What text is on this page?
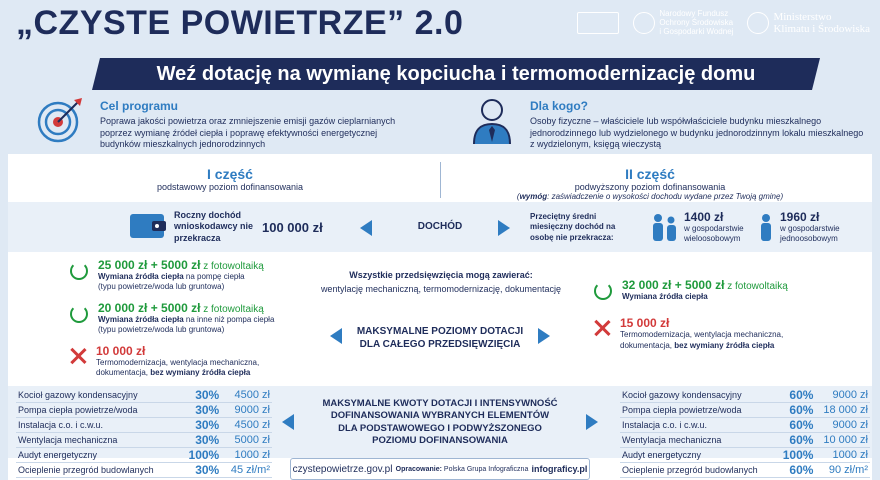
„CZYSTE POWIETRZE” 2.0	Narodowy Fundusz
Ochrony Środowiska
i Gospodarki Wodnej
Ministerstwo
Klimatu i Środowiska
Weź dotację na wymianę kopciucha i termomodernizację domu
Cel programu
Poprawa jakości powietrza oraz zmniejszenie emisji gazów cieplarnianych poprzez wymianę źródeł ciepła i poprawę efektywności energetycznej budynków mieszkalnych jednorodzinnych
Dla kogo?
Osoby fizyczne – właściciele lub współwłaściciele budynku mieszkalnego jednorodzinnego lub wydzielonego w budynku jednorodzinnym lokalu mieszkalnego z wydzielonym, księgą wieczystą
I część
podstawowy poziom dofinansowania
II część
podwyższony poziom dofinansowania
(wymóg: zaświadczenie o wysokości dochodu wydane przez Twoją gminę)
Roczny dochód wnioskodawcy nie przekracza
100 000 zł	DOCHÓD
Przeciętny średni miesięczny dochód na osobę nie przekracza:
1400 zł
w gospodarstwie wieloosobowym
1960 zł
w gospodarstwie jednoosobowym
25 000 zł + 5000 zł z fotowoltaiką
Wymiana źródła ciepła na pompę ciepła
(typu powietrze/woda lub gruntowa)
20 000 zł + 5000 zł z fotowoltaiką
Wymiana źródła ciepła na inne niż pompa ciepła
(typu powietrze/woda lub gruntowa)
10 000 zł
Termomodernizacja, wentylacja mechaniczna,
dokumentacja, bez wymiany źródła ciepła
Wszystkie przedsięwzięcia mogą zawierać:
wentylację mechaniczną, termomodernizację, dokumentację
MAKSYMALNE POZIOMY DOTACJI
DLA CAŁEGO PRZEDSIĘWZIĘCIA
32 000 zł + 5000 zł z fotowoltaiką
Wymiana źródła ciepła
15 000 zł
Termomodernizacja, wentylacja mechaniczna,
dokumentacja, bez wymiany źródła ciepła
Kocioł gazowy kondensacyjny	30%	4500 zł
Pompa ciepła powietrze/woda	30%	9000 zł
Instalacja c.o. i c.w.u.	30%	4500 zł
Wentylacja mechaniczna	30%	5000 zł
Audyt energetyczny	100%	1000 zł
Ocieplenie przegród budowlanych	30%	45 zł/m²
MAKSYMALNE KWOTY DOTACJI I INTENSYWNOŚĆ
DOFINANSOWANIA WYBRANYCH ELEMENTÓW
DLA PODSTAWOWEGO I PODWYŻSZONEGO
POZIOMU DOFINANSOWANIA
Kocioł gazowy kondensacyjny	60%	9000 zł
Pompa ciepła powietrze/woda	60%	18 000 zł
Instalacja c.o. i c.w.u.	60%	9000 zł
Wentylacja mechaniczna	60%	10 000 zł
Audyt energetyczny	100%	1000 zł
Ocieplenie przegród budowlanych	60%	90 zł/m²
czystepowietrze.gov.pl Opracowanie: Polska Grupa Infograficzna infograficy.pl
